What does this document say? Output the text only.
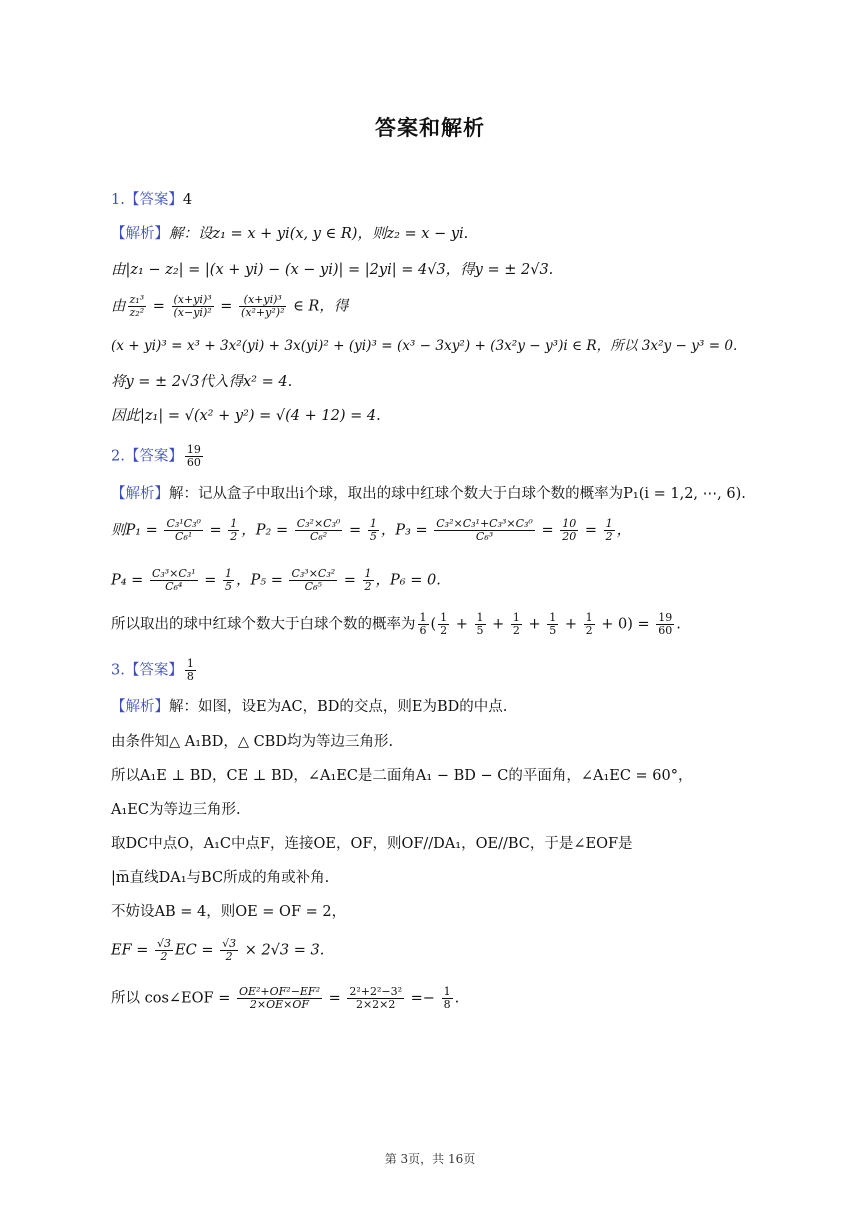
答案和解析
1.【答案】4
【解析】解：设z₁ = x + yi(x, y ∈ R)，则z₂ = x − yi.
由|z₁ − z₂| = |(x + yi) − (x − yi)| = |2yi| = 4√3，得y = ± 2√3.
由 $\frac{\text{z₁³}}{\text{z₂²}} = \frac{\text{(x+yi)³}}{\text{(x−yi)²}} = \frac{\text{(x+yi)³}}{\text{(x²+y²)²}}$ ∈ R，得
(x + yi)³ = x³ + 3x²(yi) + 3x(yi)² + (yi)³ = (x³ − 3xy²) + (3x²y − y³)i ∈ R，所以 3x²y − y³ = 0.
将y = ± 2√3代入得x² = 4.
因此|z₁| = √(x² + y²) = √(4 + 12) = 4.
2.【答案】 $\frac{19}{60}$
【解析】解：记从盒子中取出i个球，取出的球中红球个数大于白球个数的概率为P₁(i = 1,2, ⋯, 6).
则$P_1 = \frac{\text{C₃¹C₃⁰}}{\text{C₆¹}} = \frac{1}{2}$ ，$P_2 = \frac{\text{C₃²×C₃⁰}}{\text{C₆²}} = \frac{1}{5}$ ，$P_3 = \frac{\text{C₃²×C₃¹+C₃³×C₃⁰}}{\text{C₆³}} = \frac{10}{20} = \frac{1}{2}$ ，
$P_4 = \frac{\text{C₃³×C₃¹}}{\text{C₆⁴}} = \frac{1}{5}$ ，$P_5 = \frac{\text{C₃³×C₃²}}{\text{C₆⁵}} = \frac{1}{2}$ ，P₆ = 0.
所以取出的球中红球个数大于白球个数的概率为 $\frac{1}{6}$ ( $\frac{1}{2} + \frac{1}{5} + \frac{1}{2} + \frac{1}{5} + \frac{1}{2} + 0) = \frac{19}{60}$ .
3.【答案】 $\frac{1}{8}$
【解析】解：如图，设E为AC，BD的交点，则E为BD的中点.
由条件知△ A₁BD，△ CBD均为等边三角形.
所以A₁E ⊥ BD，CE ⊥ BD，∠A₁EC是二面角A₁ − BD − C的平面角，∠A₁EC = 60°，
A₁EC为等边三角形.
取DC中点O，A₁C中点F，连接OE，OF，则OF//DA₁，OE//BC，于是∠EOF是
|m̅直线DA₁与BC所成的角或补角.
不妨设AB = 4，则OE = OF = 2，
EF = $\frac{√3}{2}$ EC = $\frac{√3}{2} \times 2√3 = 3$.
所以 cos∠EOF = $\frac{\text{OE²+OF²−EF²}}{2\times OE\times OF} = \frac{\text{2²+2²−3²}}{2\times 2\times 2} =- \frac{1}{8}$ .
第 3页，共 16页
